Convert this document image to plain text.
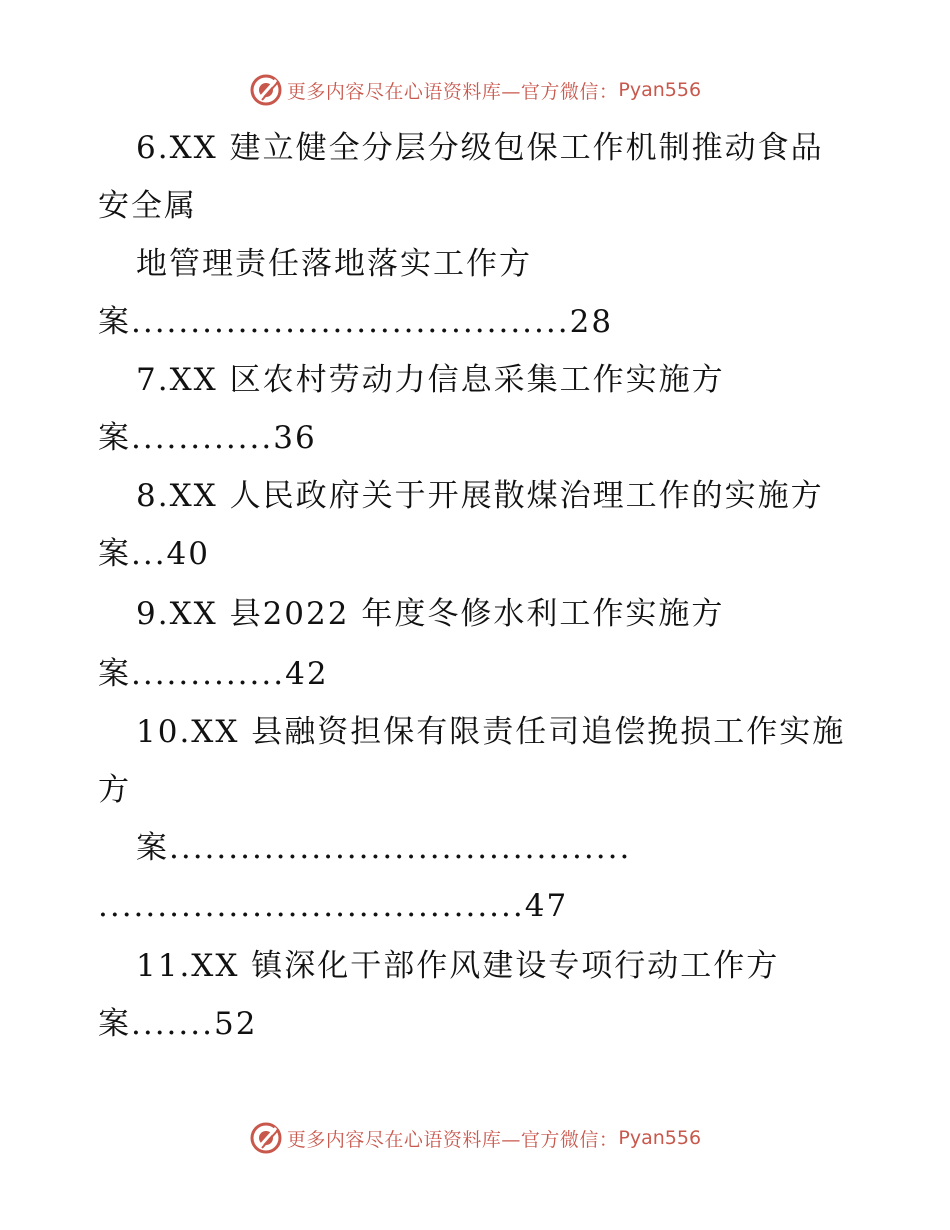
更多内容尽在心语资料库—官方微信： Pyan556
6.XX 建立健全分层分级包保工作机制推动食品
安全属
地管理责任落地落实工作方
案.....................................28
7.XX 区农村劳动力信息采集工作实施方
案............36
8.XX 人民政府关于开展散煤治理工作的实施方
案...40
9.XX 县2022 年度冬修水利工作实施方
案.............42
10.XX 县融资担保有限责任司追偿挽损工作实施
方
案.......................................
....................................47
11.XX 镇深化干部作风建设专项行动工作方
案.......52
更多内容尽在心语资料库—官方微信： Pyan556
